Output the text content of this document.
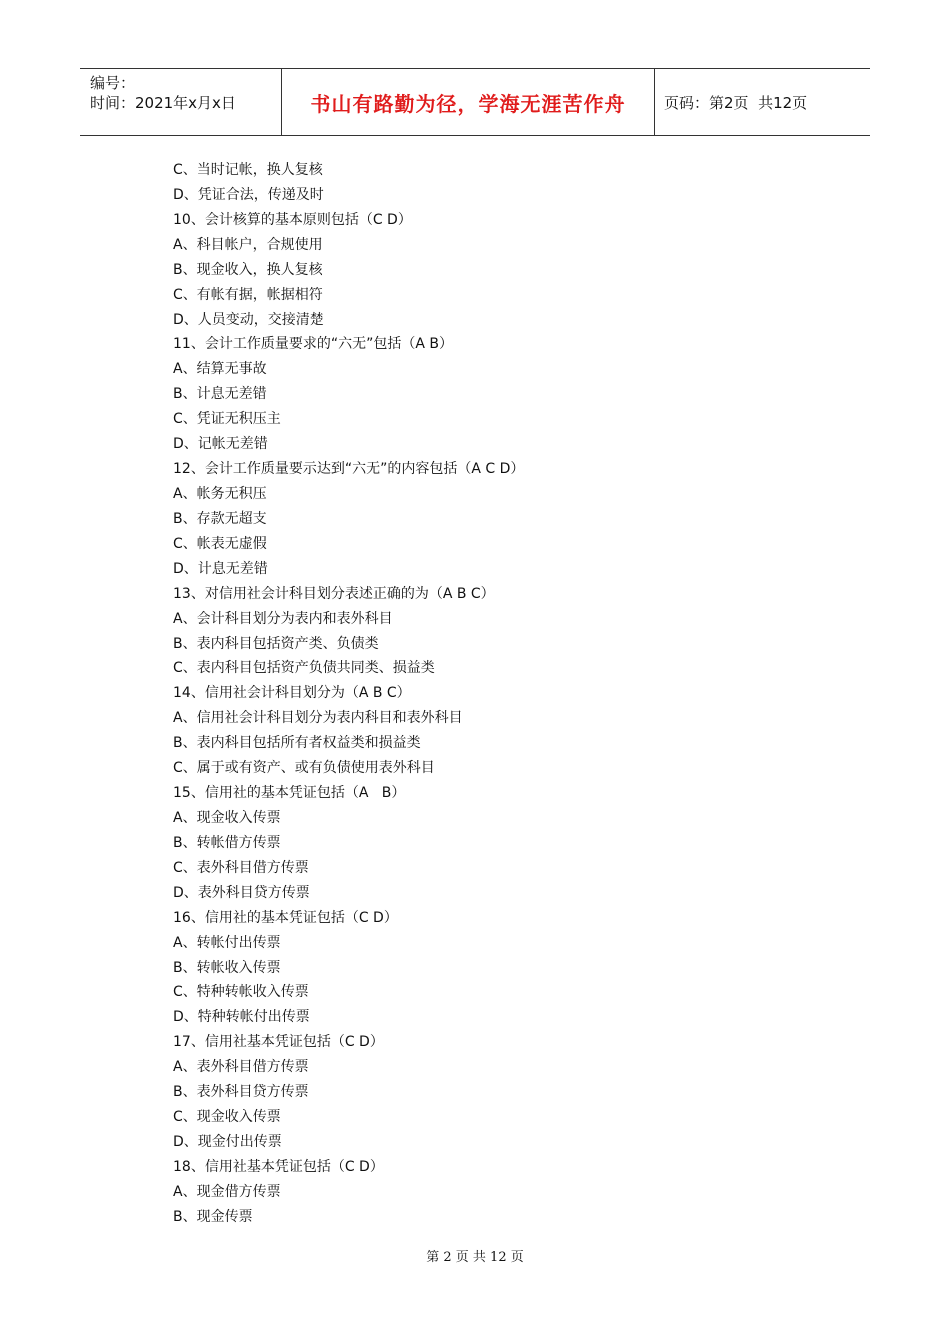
编号：
时间：2021年x月x日	书山有路勤为径，学海无涯苦作舟	页码：第2页  共12页
C、当时记帐，换人复核
D、凭证合法，传递及时
10、会计核算的基本原则包括（C D）
A、科目帐户，合规使用
B、现金收入，换人复核
C、有帐有据，帐据相符
D、人员变动，交接清楚
11、会计工作质量要求的“六无”包括（A B）
A、结算无事故
B、计息无差错
C、凭证无积压主
D、记帐无差错
12、会计工作质量要示达到“六无”的内容包括（A C D）
A、帐务无积压
B、存款无超支
C、帐表无虚假
D、计息无差错
13、对信用社会计科目划分表述正确的为（A B C）
A、会计科目划分为表内和表外科目
B、表内科目包括资产类、负债类
C、表内科目包括资产负债共同类、损益类
14、信用社会计科目划分为（A B C）
A、信用社会计科目划分为表内科目和表外科目
B、表内科目包括所有者权益类和损益类
C、属于或有资产、或有负债使用表外科目
15、信用社的基本凭证包括（A   B）
A、现金收入传票
B、转帐借方传票
C、表外科目借方传票
D、表外科目贷方传票
16、信用社的基本凭证包括（C D）
A、转帐付出传票
B、转帐收入传票
C、特种转帐收入传票
D、特种转帐付出传票
17、信用社基本凭证包括（C D）
A、表外科目借方传票
B、表外科目贷方传票
C、现金收入传票
D、现金付出传票
18、信用社基本凭证包括（C D）
A、现金借方传票
B、现金传票
第 2 页 共 12 页
